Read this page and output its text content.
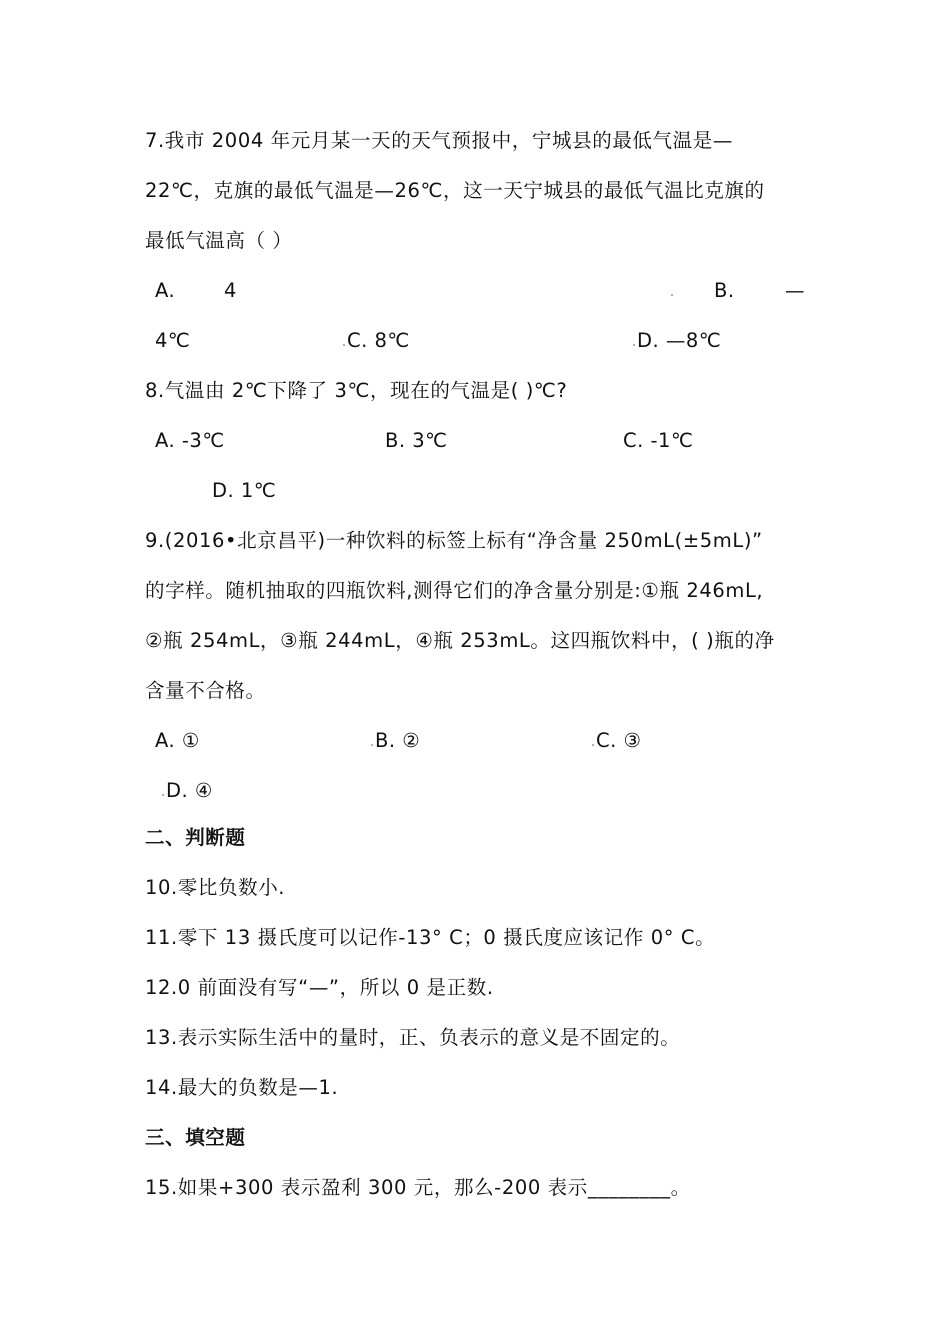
7.我市 2004 年元月某一天的天气预报中，宁城县的最低气温是—
22℃，克旗的最低气温是—26℃，这一天宁城县的最低气温比克旗的
最低气温高（ ）
A.	4	B.	—
4℃	C. 8℃	D. —8℃
8.气温由 2℃下降了 3℃，现在的气温是( )℃?
A. -3℃	B. 3℃	C. -1℃
D. 1℃
9.(2016•北京昌平)一种饮料的标签上标有“净含量 250mL(±5mL)”
的字样。随机抽取的四瓶饮料,测得它们的净含量分别是:①瓶 246mL,
②瓶 254mL，③瓶 244mL，④瓶 253mL。这四瓶饮料中，( )瓶的净
含量不合格。
A. ①	B. ②	C. ③
D. ④
二、判断题
10.零比负数小.
11.零下 13 摄氏度可以记作-13° C；0 摄氏度应该记作 0° C。
12.0 前面没有写“—”，所以 0 是正数.
13.表示实际生活中的量时，正、负表示的意义是不固定的。
14.最大的负数是—1.
三、填空题
15.如果+300 表示盈利 300 元，那么-200 表示________。
